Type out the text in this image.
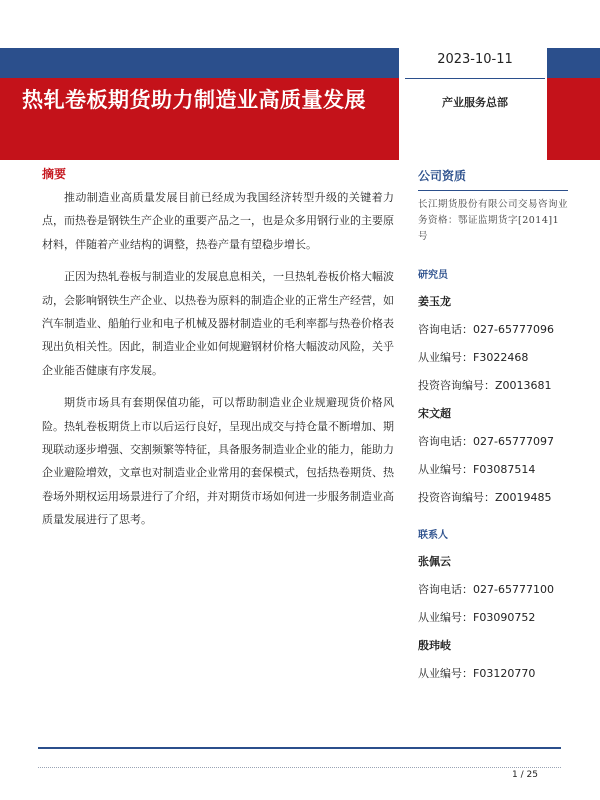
热轧卷板期货助力制造业高质量发展
2023-10-11
产业服务总部
摘要

推动制造业高质量发展目前已经成为我国经济转型升级的关键着力点，而热卷是钢铁生产企业的重要产品之一，也是众多用钢行业的主要原材料，伴随着产业结构的调整，热卷产量有望稳步增长。

正因为热轧卷板与制造业的发展息息相关，一旦热轧卷板价格大幅波动，会影响钢铁生产企业、以热卷为原料的制造企业的正常生产经营，如汽车制造业、船舶行业和电子机械及器材制造业的毛利率都与热卷价格表现出负相关性。因此，制造业企业如何规避钢材价格大幅波动风险，关乎企业能否健康有序发展。

期货市场具有套期保值功能，可以帮助制造业企业规避现货价格风险。热轧卷板期货上市以后运行良好，呈现出成交与持仓量不断增加、期现联动逐步增强、交割频繁等特征，具备服务制造业企业的能力，能助力企业避险增效，文章也对制造业企业常用的套保模式，包括热卷期货、热卷场外期权运用场景进行了介绍，并对期货市场如何进一步服务制造业高质量发展进行了思考。

公司资质
长江期货股份有限公司交易咨询业务资格：鄂证监期货字[2014]1号
研究员
姜玉龙
咨询电话：027-65777096
从业编号：F3022468
投资咨询编号：Z0013681
宋文超
咨询电话：027-65777097
从业编号：F03087514
投资咨询编号：Z0019485
联系人
张佩云
咨询电话：027-65777100
从业编号：F03090752
殷玮岐
从业编号：F03120770
1 / 25
